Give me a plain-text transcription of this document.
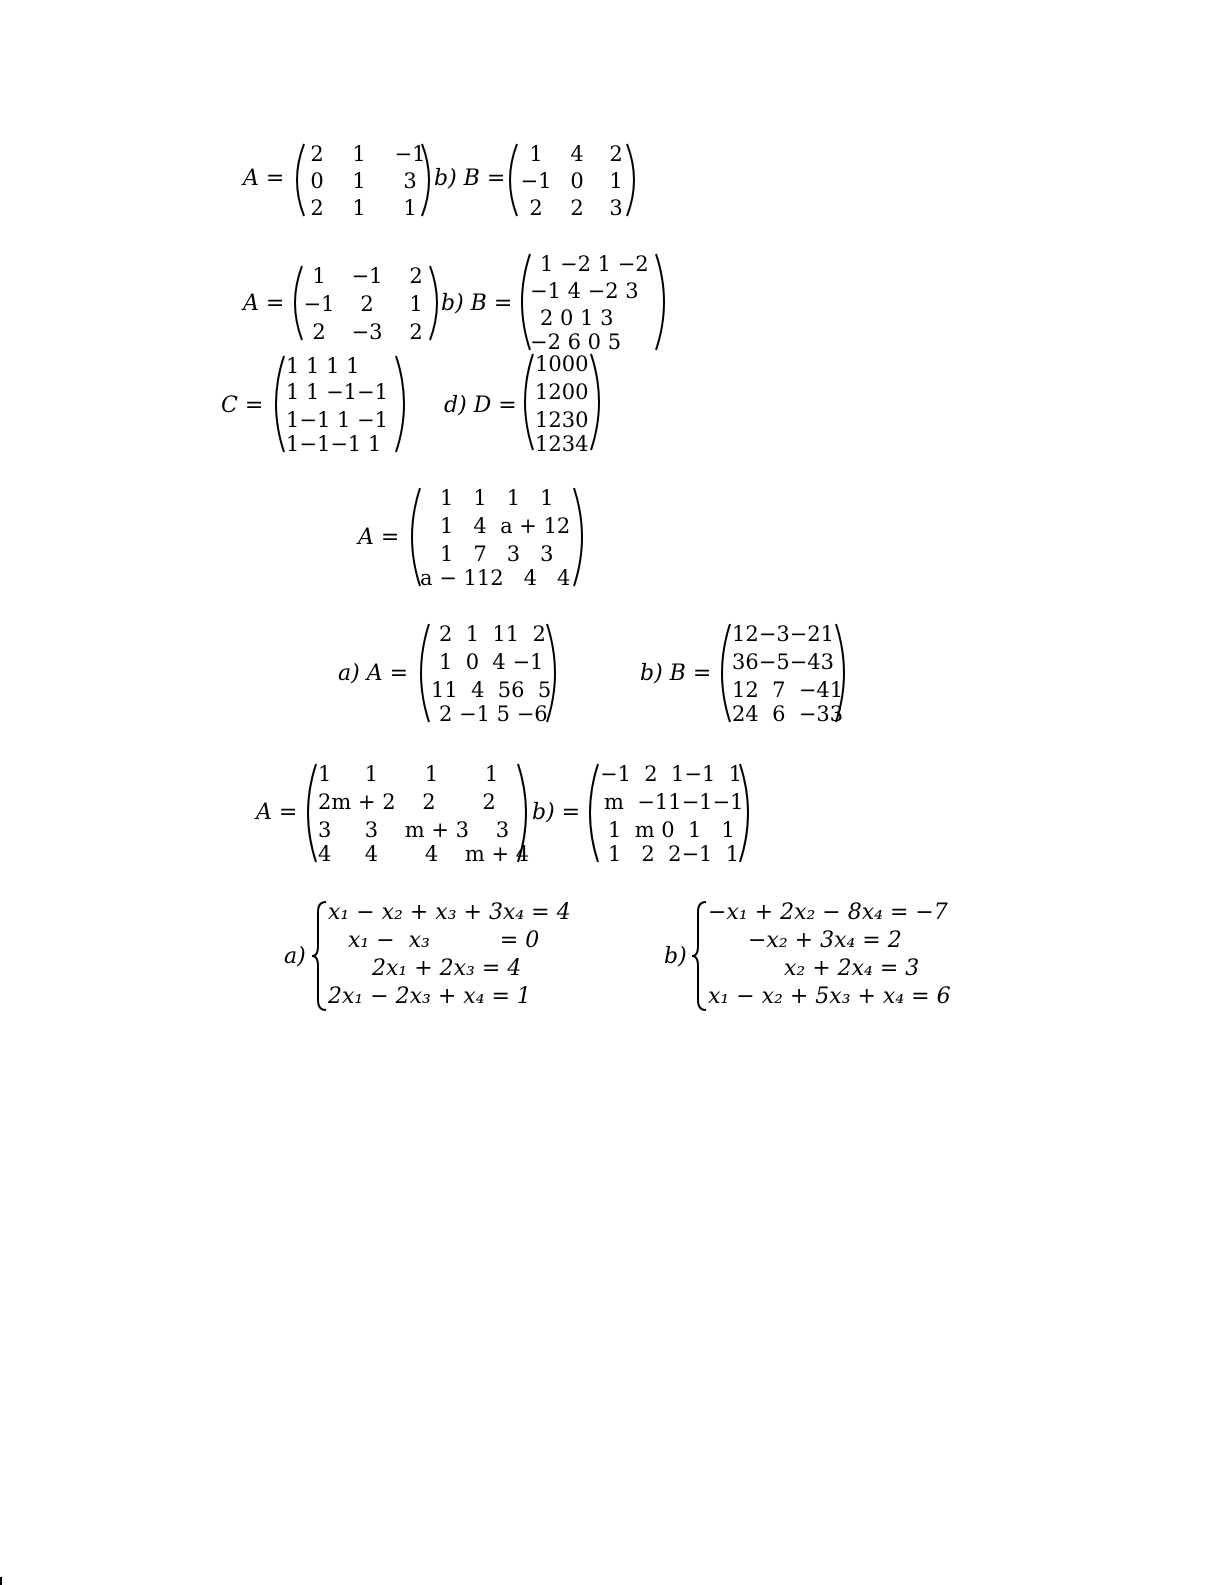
A =
2 1 −1
0 1 3
2 1 1
b) B =
1 4 2
−1 0 1
2 2 3
A =
1 −1 2
−1 2 1
2 −3 2
b) B =
1 −2 1 −2
−1 4 −2 3
2 0 1 3
−2 6 0 5
C =
1 1 1 1
1 1 −1−1
1−1 1 −1
1−1−1 1
d) D =
1000
1200
1230
1234
A =
1   1   1   1
1   4  a + 12
1   7   3   3
a − 112   4   4
a) A =
2  1  11  2
1  0  4 −1
11  4  56  5
2 −1 5 −6
b) B =
12−3−21
36−5−43
12  7  −41
24  6  −33
A =
1     1       1       1
2m + 2    2       2
3     3    m + 3    3
4     4       4    m + 4
b) =
−1  2  1−1  1
m  −11−1−1
1  m 0  1   1
1   2  2−1  1
a)
x₁ − x₂ + x₃ + 3x₄ = 4
x₁ −  x₃          = 0
2x₁ + 2x₃ = 4
2x₁ − 2x₃ + x₄ = 1
b)
−x₁ + 2x₂ − 8x₄ = −7
−x₂ + 3x₄ = 2
x₂ + 2x₄ = 3
x₁ − x₂ + 5x₃ + x₄ = 6
